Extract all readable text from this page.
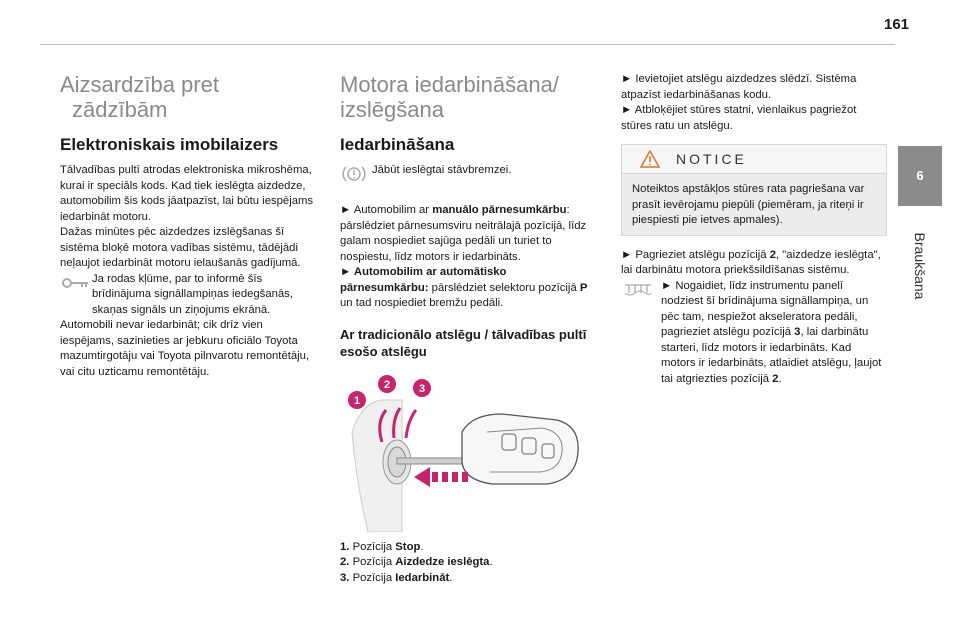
161
6
Braukšana
Aizsardzība pret
zādzībām
Elektroniskais imobilaizers

Tālvadības pultī atrodas elektroniska mikroshēma, kurai ir speciāls kods. Kad tiek ieslēgta aizdedze, automobilim šis kods jāatpazīst, lai būtu iespējams iedarbināt motoru.

Dažas minūtes pēc aizdedzes izslēgšanas šī sistēma bloķē motora vadības sistēmu, tādējādi neļaujot iedarbināt motoru ielaušanās gadījumā.

Ja rodas kļūme, par to informē šīs brīdinājuma signāllampiņas iedegšanās, skaņas signāls un ziņojums ekrānā.

Automobili nevar iedarbināt; cik drīz vien iespējams, sazinieties ar jebkuru oficiālo Toyota mazumtirgotāju vai Toyota pilnvarotu remontētāju, vai citu uzticamu remontētāju.

Motora iedarbināšana/
izslēgšana
Iedarbināšana

Jābūt ieslēgtai stāvbremzei.

► Automobilim ar manuālo pārnesumkārbu: pārslēdziet pārnesumsviru neitrālajā pozīcijā, līdz galam nospiediet sajūga pedāli un turiet to nospiestu, līdz motors ir iedarbināts.

► Automobilim ar automātisko pārnesumkārbu: pārslēdziet selektoru pozīcijā P un tad nospiediet bremžu pedāli.

Ar tradicionālo atslēgu / tālvadības pultī esošo atslēgu
1
2	3

1. Pozīcija Stop.

2. Pozīcija Aizdedze ieslēgta.

3. Pozīcija Iedarbināt.

► Ievietojiet atslēgu aizdedzes slēdzī. Sistēma atpazīst iedarbināšanas kodu.

► Atbloķējiet stūres statni, vienlaikus pagriežot stūres ratu un atslēgu.

NOTICE
Noteiktos apstākļos stūres rata pagriešana var prasīt ievērojamu piepūli (piemēram, ja riteņi ir piespiesti pie ietves apmales).

► Pagrieziet atslēgu pozīcijā 2, "aizdedze ieslēgta", lai darbinātu motora priekšsildīšanas sistēmu.

► Nogaidiet, līdz instrumentu panelī nodziest šī brīdinājuma signāllampiņa, un pēc tam, nespiežot akseleratora pedāli, pagrieziet atslēgu pozīcijā 3, lai darbinātu starteri, līdz motors ir iedarbināts. Kad motors ir iedarbināts, atlaidiet atslēgu, ļaujot tai atgriezties pozīcijā 2.
